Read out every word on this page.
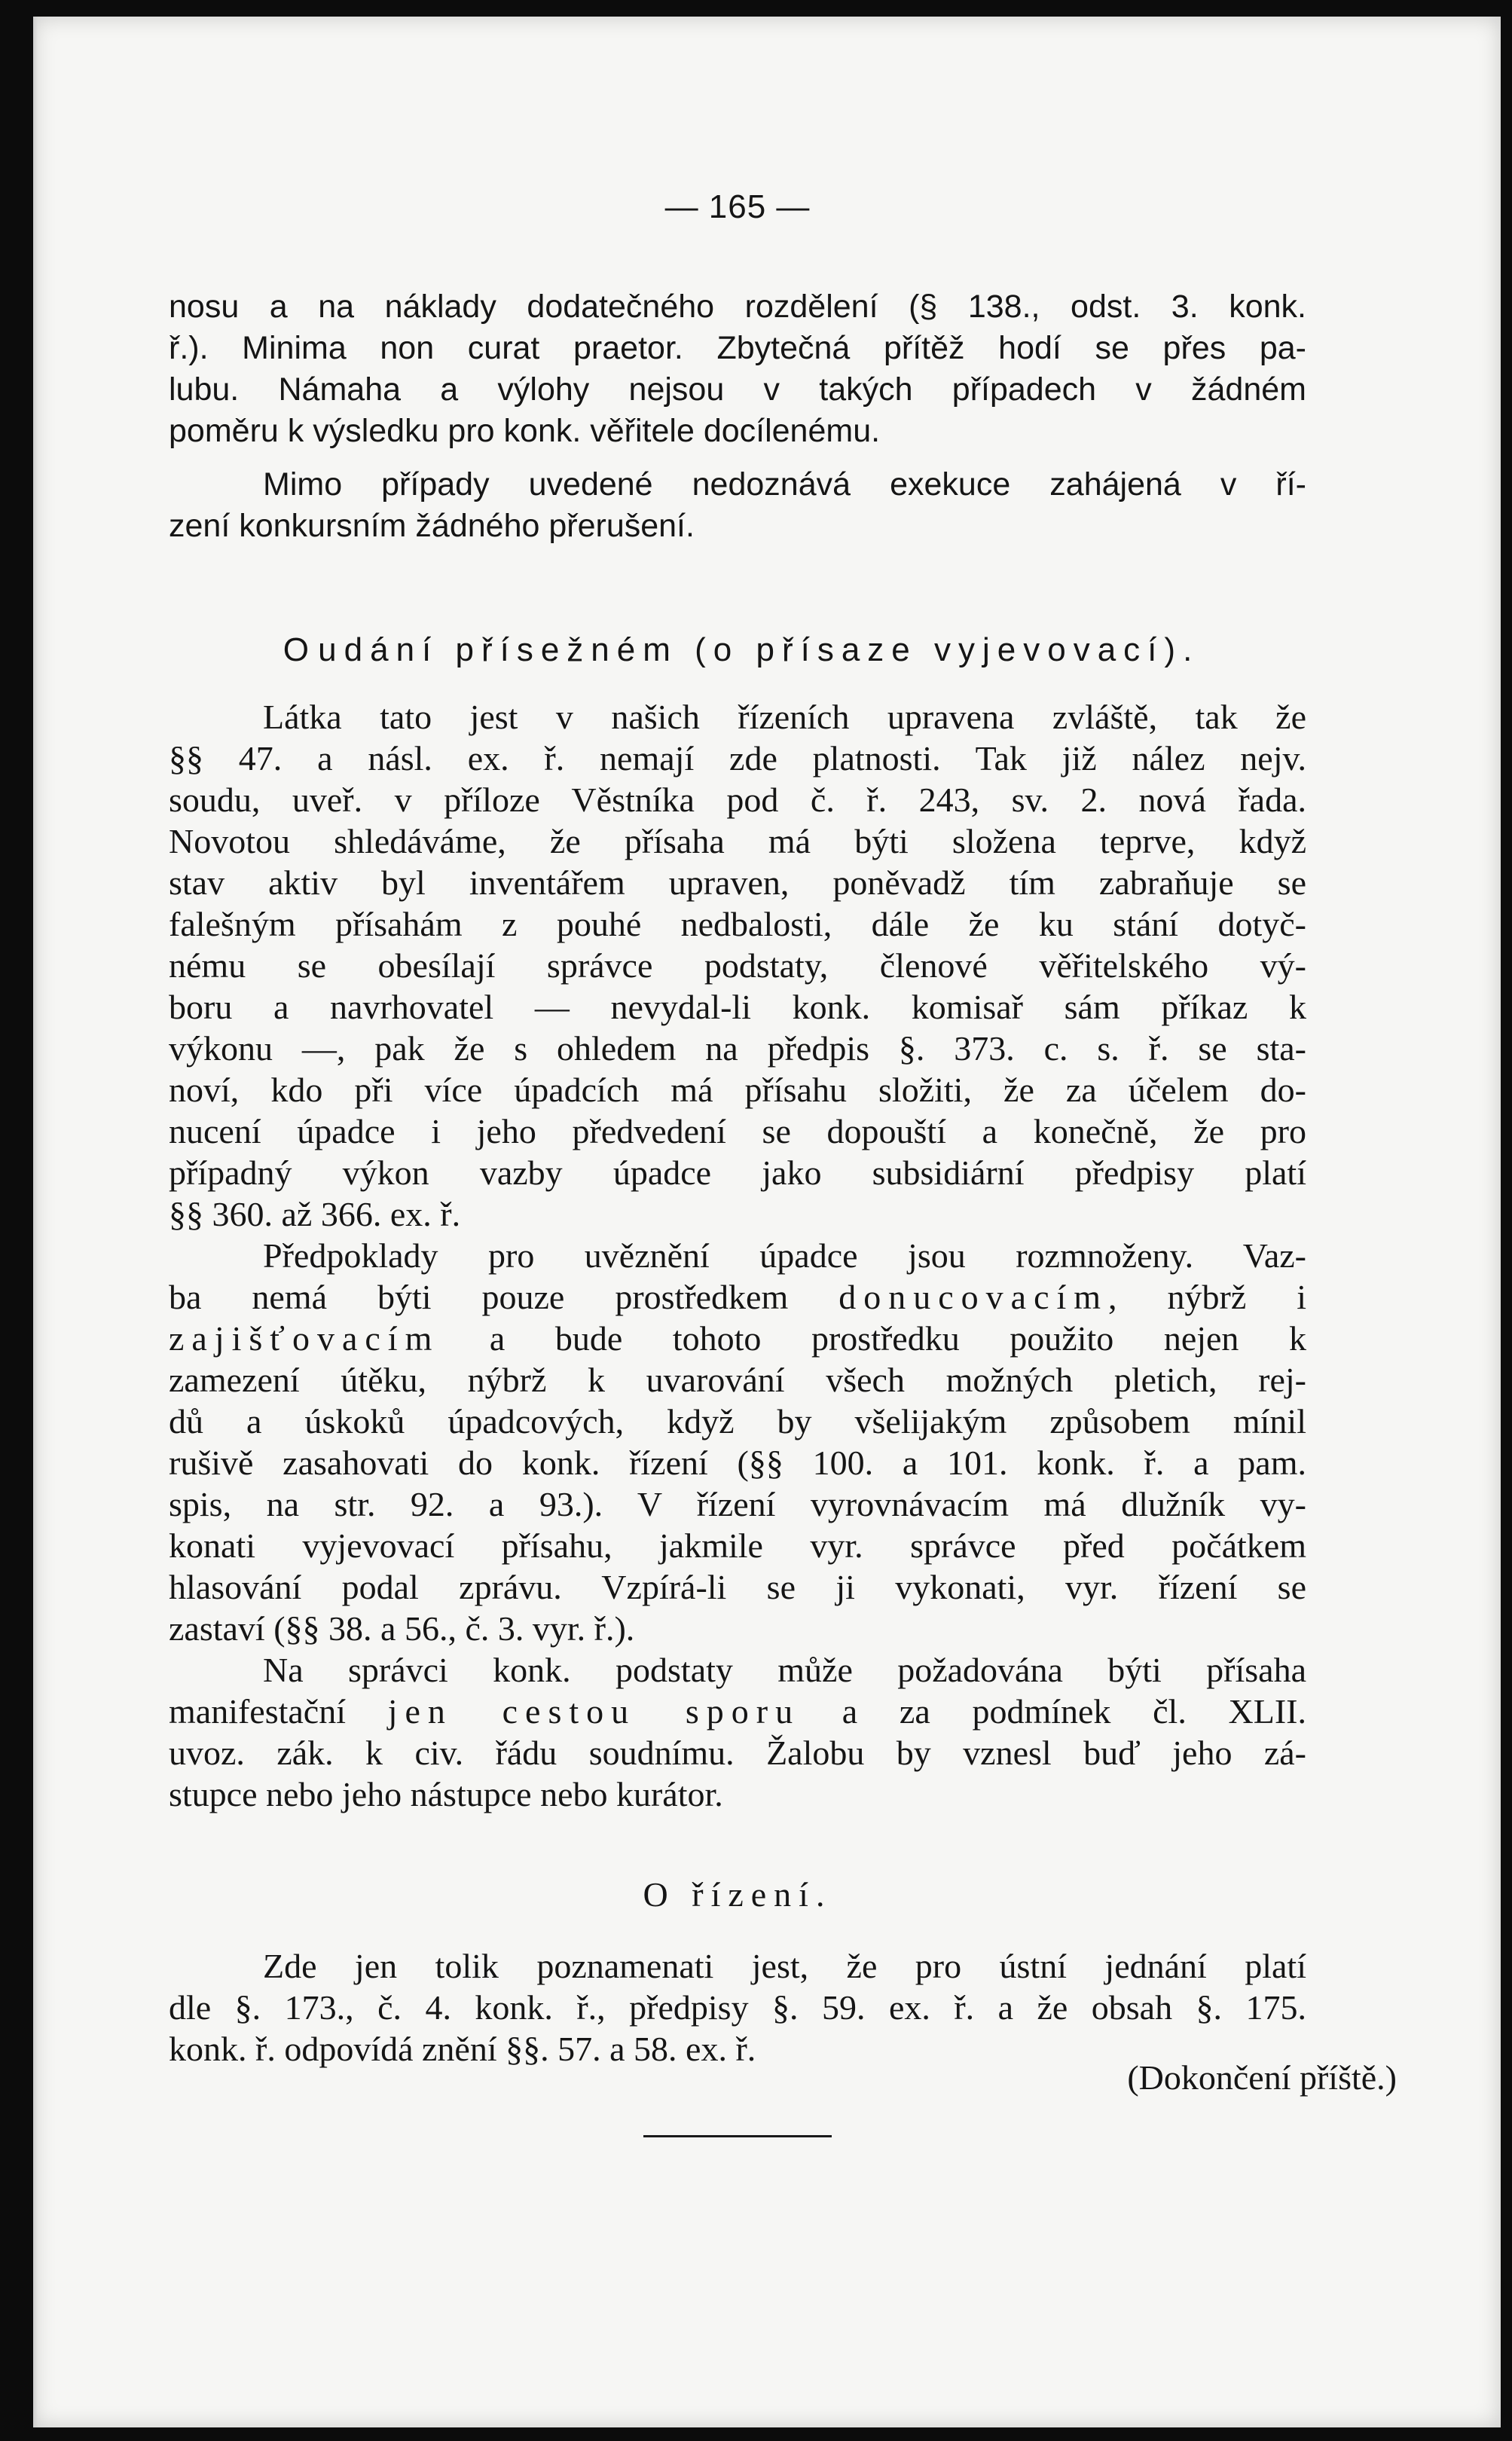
— 165 —
nosu a na náklady dodatečného rozdělení (§ 138., odst. 3. konk.
ř.). Minima non curat praetor. Zbytečná přítěž hodí se přes pa-
lubu. Námaha a výlohy nejsou v takých případech v žádném
poměru k výsledku pro konk. věřitele docílenému.
Mimo případy uvedené nedoznává exekuce zahájená v ří-
zení konkursním žádného přerušení.
O udání přísežném (o přísaze vyjevovací).
Látka tato jest v našich řízeních upravena zvláště, tak že
§§ 47. a násl. ex. ř. nemají zde platnosti. Tak již nález nejv.
soudu, uveř. v příloze Věstníka pod č. ř. 243, sv. 2. nová řada.
Novotou shledáváme, že přísaha má býti složena teprve, když
stav aktiv byl inventářem upraven, poněvadž tím zabraňuje se
falešným přísahám z pouhé nedbalosti, dále že ku stání dotyč-
nému se obesílají správce podstaty, členové věřitelského vý-
boru a navrhovatel — nevydal-li konk. komisař sám příkaz k
výkonu —, pak že s ohledem na předpis §. 373. c. s. ř. se sta-
noví, kdo při více úpadcích má přísahu složiti, že za účelem do-
nucení úpadce i jeho předvedení se dopouští a konečně, že pro
případný výkon vazby úpadce jako subsidiární předpisy platí
§§ 360. až 366. ex. ř.
Předpoklady pro uvěznění úpadce jsou rozmnoženy. Vaz-
ba nemá býti pouze prostředkem donucovacím, nýbrž i
zajišťovacím a bude tohoto prostředku použito nejen k
zamezení útěku, nýbrž k uvarování všech možných pletich, rej-
dů a úskoků úpadcových, když by všelijakým způsobem mínil
rušivě zasahovati do konk. řízení (§§ 100. a 101. konk. ř. a pam.
spis, na str. 92. a 93.). V řízení vyrovnávacím má dlužník vy-
konati vyjevovací přísahu, jakmile vyr. správce před počátkem
hlasování podal zprávu. Vzpírá-li se ji vykonati, vyr. řízení se
zastaví (§§ 38. a 56., č. 3. vyr. ř.).
Na správci konk. podstaty může požadována býti přísaha
manifestační jen cestou sporu a za podmínek čl. XLII.
uvoz. zák. k civ. řádu soudnímu. Žalobu by vznesl buď jeho zá-
stupce nebo jeho nástupce nebo kurátor.
O řízení.
Zde jen tolik poznamenati jest, že pro ústní jednání platí
dle §. 173., č. 4. konk. ř., předpisy §. 59. ex. ř. a že obsah §. 175.
konk. ř. odpovídá znění §§. 57. a 58. ex. ř.
(Dokončení příště.)
